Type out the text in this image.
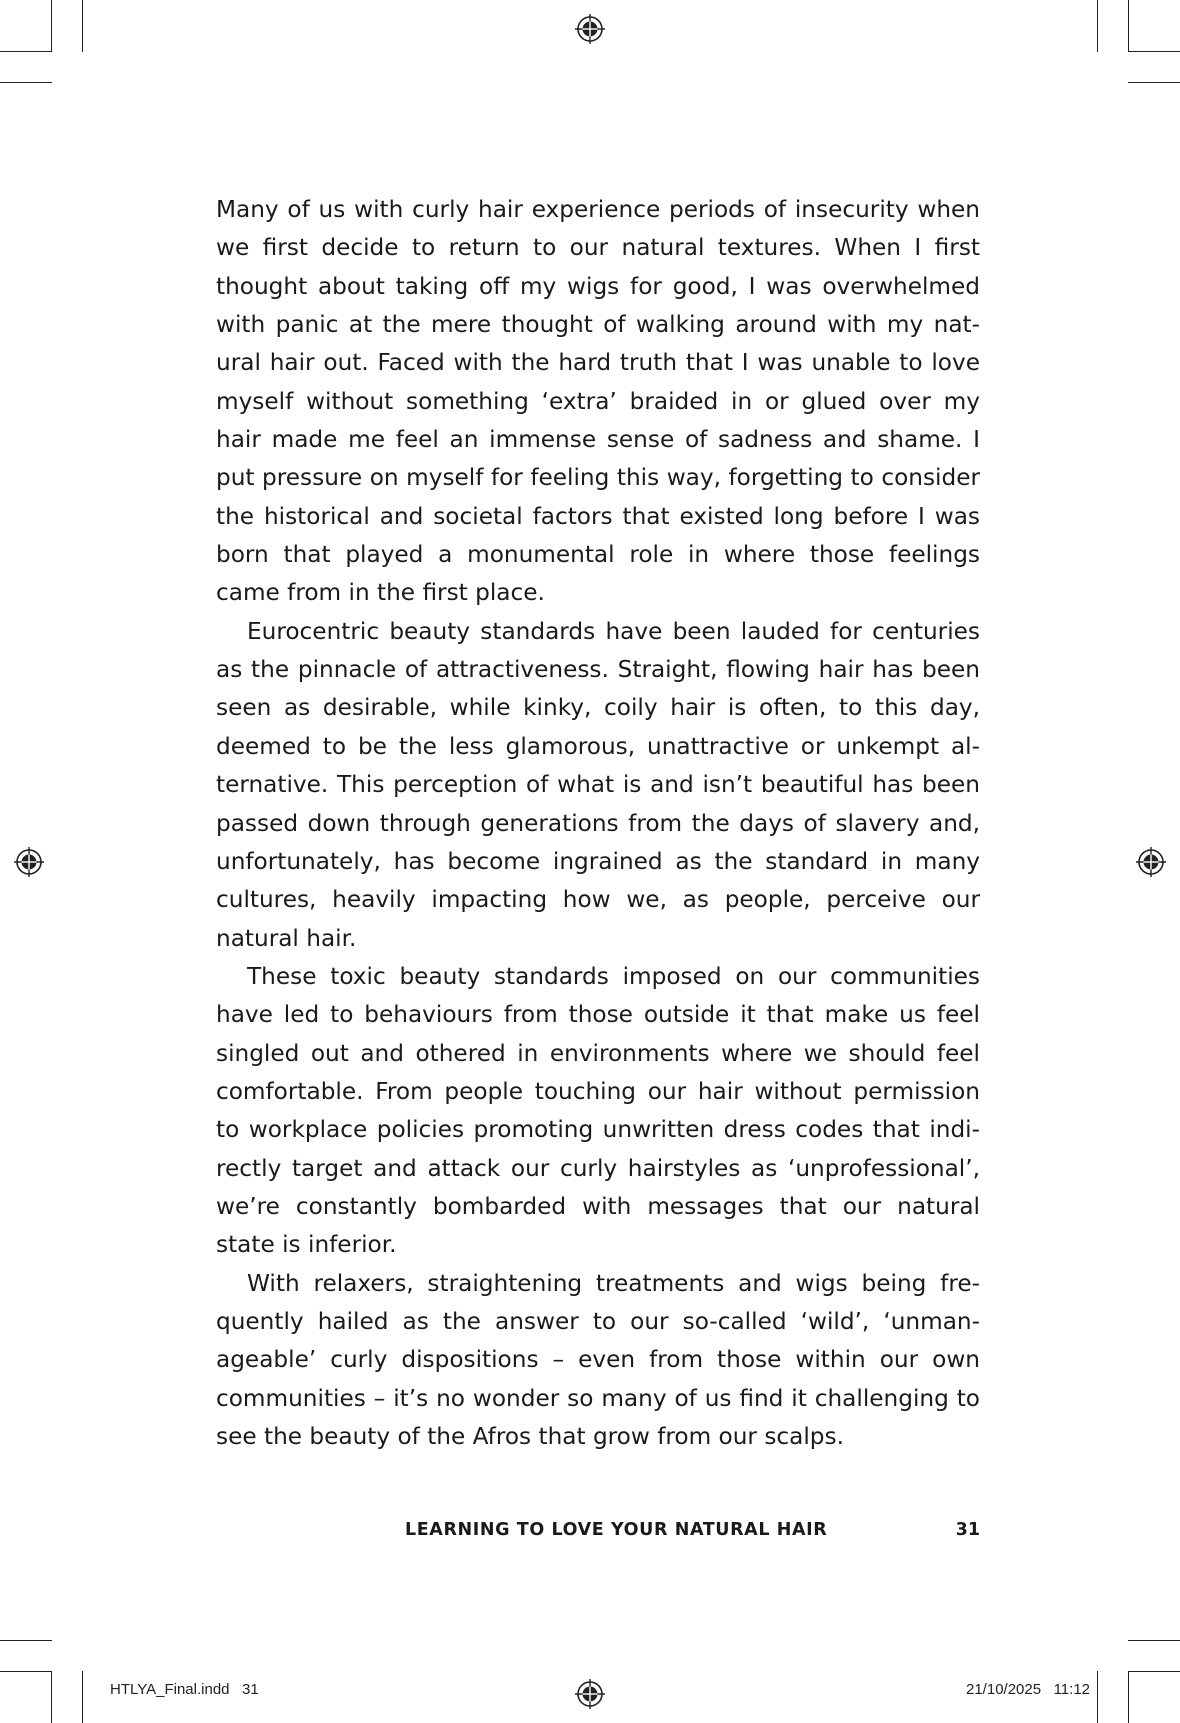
Many of us with curly hair experience periods of insecurity when we first decide to return to our natural textures. When I first thought about taking off my wigs for good, I was overwhelmed with panic at the mere thought of walking around with my natural hair out. Faced with the hard truth that I was unable to love myself without something ‘extra’ braided in or glued over my hair made me feel an immense sense of sadness and shame. I put pressure on myself for feeling this way, forgetting to consider the historical and societal factors that existed long before I was born that played a monumental role in where those feelings came from in the first place.

Eurocentric beauty standards have been lauded for centuries as the pinnacle of attractiveness. Straight, flowing hair has been seen as desirable, while kinky, coily hair is often, to this day, deemed to be the less glamorous, unattractive or unkempt alternative. This perception of what is and isn’t beautiful has been passed down through generations from the days of slavery and, unfortunately, has become ingrained as the standard in many cultures, heavily impacting how we, as people, perceive our natural hair.

These toxic beauty standards imposed on our communities have led to behaviours from those outside it that make us feel singled out and othered in environments where we should feel comfortable. From people touching our hair without permission to workplace policies promoting unwritten dress codes that indirectly target and attack our curly hairstyles as ‘unprofessional’, we’re constantly bombarded with messages that our natural state is inferior.

With relaxers, straightening treatments and wigs being frequently hailed as the answer to our so-called ‘wild’, ‘unmanageable’ curly dispositions – even from those within our own communities – it’s no wonder so many of us find it challenging to see the beauty of the Afros that grow from our scalps.

LEARNING TO LOVE YOUR NATURAL HAIR	31
HTLYA_Final.indd   31	21/10/2025   11:12
